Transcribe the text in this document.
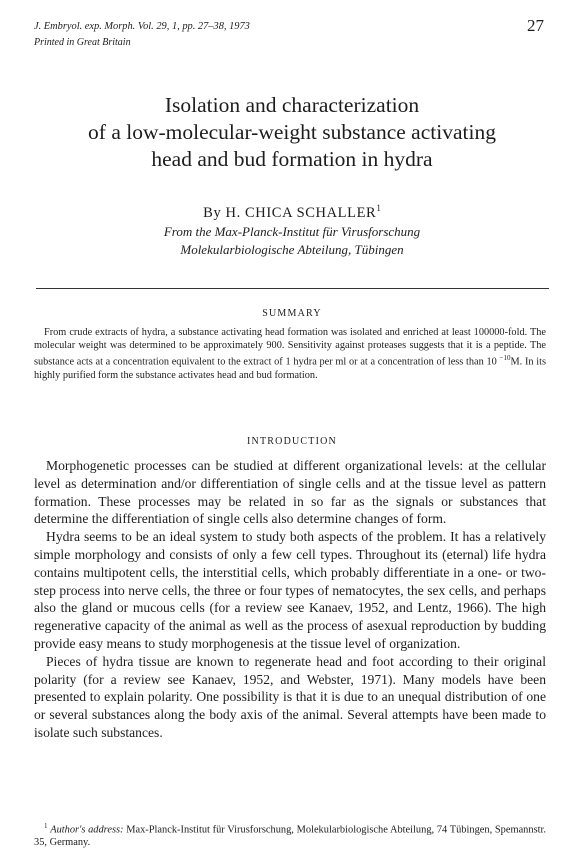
J. Embryol. exp. Morph. Vol. 29, 1, pp. 27–38, 1973
Printed in Great Britain
27
Isolation and characterization
of a low-molecular-weight substance activating
head and bud formation in hydra
By H. CHICA SCHALLER$^1$
From the Max-Planck-Institut für Virusforschung
Molekularbiologische Abteilung, Tübingen
SUMMARY
From crude extracts of hydra, a substance activating head formation was isolated and enriched at least 100000-fold. The molecular weight was determined to be approximately 900. Sensitivity against proteases suggests that it is a peptide. The substance acts at a concentration equivalent to the extract of 1 hydra per ml or at a concentration of less than 10 $^{-10}$M. In its highly purified form the substance activates head and bud formation.
INTRODUCTION

Morphogenetic processes can be studied at different organizational levels: at the cellular level as determination and/or differentiation of single cells and at the tissue level as pattern formation. These processes may be related in so far as the signals or substances that determine the differentiation of single cells also determine changes of form.

Hydra seems to be an ideal system to study both aspects of the problem. It has a relatively simple morphology and consists of only a few cell types. Throughout its (eternal) life hydra contains multipotent cells, the interstitial cells, which probably differentiate in a one- or two-step process into nerve cells, the three or four types of nematocytes, the sex cells, and perhaps also the gland or mucous cells (for a review see Kanaev, 1952, and Lentz, 1966). The high regenerative capacity of the animal as well as the process of asexual reproduction by budding provide easy means to study morphogenesis at the tissue level of organization.

Pieces of hydra tissue are known to regenerate head and foot according to their original polarity (for a review see Kanaev, 1952, and Webster, 1971). Many models have been presented to explain polarity. One possibility is that it is due to an unequal distribution of one or several substances along the body axis of the animal. Several attempts have been made to isolate such substances.

$^1$ Author's address: Max-Planck-Institut für Virusforschung, Molekularbiologische Abteilung, 74 Tübingen, Spemannstr. 35, Germany.
